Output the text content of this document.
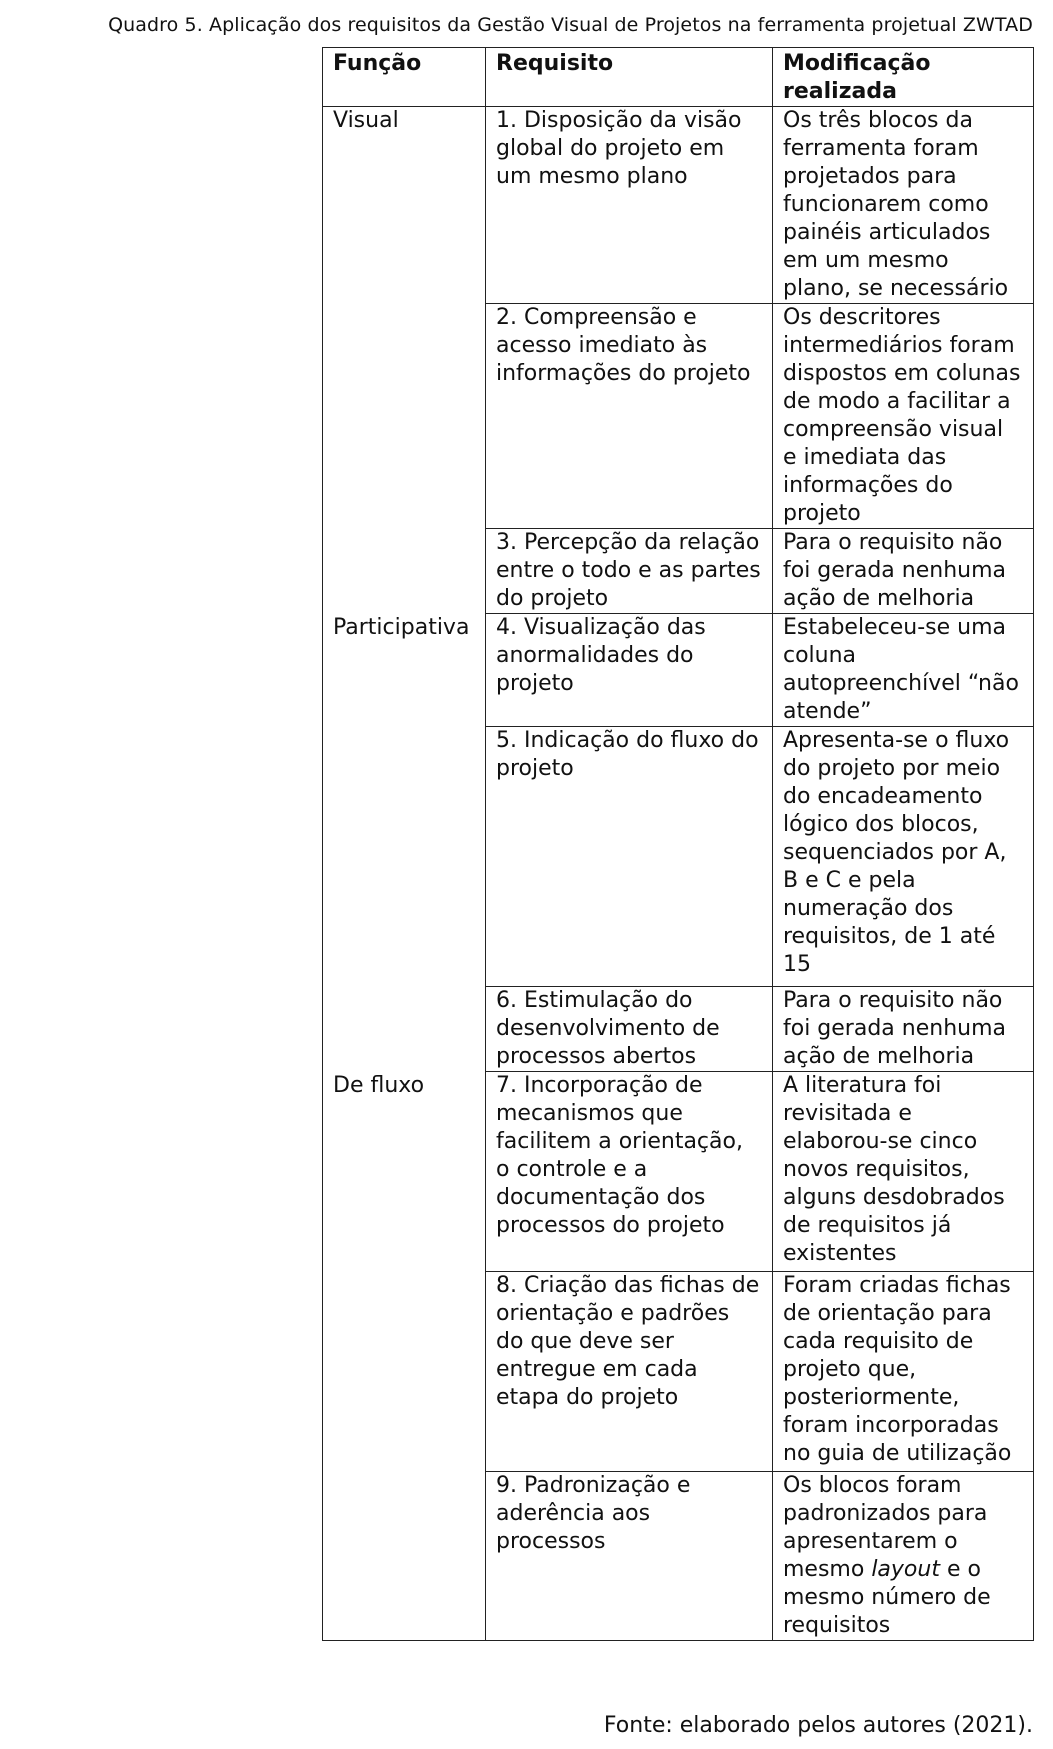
Quadro 5. Aplicação dos requisitos da Gestão Visual de Projetos na ferramenta projetual ZWTAD
Função	Requisito	Modificação realizada
Visual	1. Disposição da visão global do projeto em um mesmo plano	Os três blocos da ferramenta foram projetados para funcionarem como painéis articulados em um mesmo plano, se necessário
	2. Compreensão e acesso imediato às informações do projeto	Os descritores intermediários foram dispostos em colunas de modo a facilitar a compreensão visual e imediata das informações do projeto
	3. Percepção da relação entre o todo e as partes do projeto	Para o requisito não foi gerada nenhuma ação de melhoria
Participativa	4. Visualização das anormalidades do projeto	Estabeleceu-se uma coluna autopreenchível “não atende”
	5. Indicação do fluxo do projeto	Apresenta-se o fluxo do projeto por meio do encadeamento lógico dos blocos, sequenciados por A, B e C e pela numeração dos requisitos, de 1 até 15
	6. Estimulação do desenvolvimento de processos abertos	Para o requisito não foi gerada nenhuma ação de melhoria
De fluxo	7. Incorporação de mecanismos que facilitem a orientação, o controle e a documentação dos processos do projeto	A literatura foi revisitada e elaborou-se cinco novos requisitos, alguns desdobrados de requisitos já existentes
	8. Criação das fichas de orientação e padrões do que deve ser entregue em cada etapa do projeto	Foram criadas fichas de orientação para cada requisito de projeto que, posteriormente, foram incorporadas no guia de utilização
	9. Padronização e aderência aos processos	Os blocos foram padronizados para apresentarem o mesmo layout e o mesmo número de requisitos
Fonte: elaborado pelos autores (2021).
